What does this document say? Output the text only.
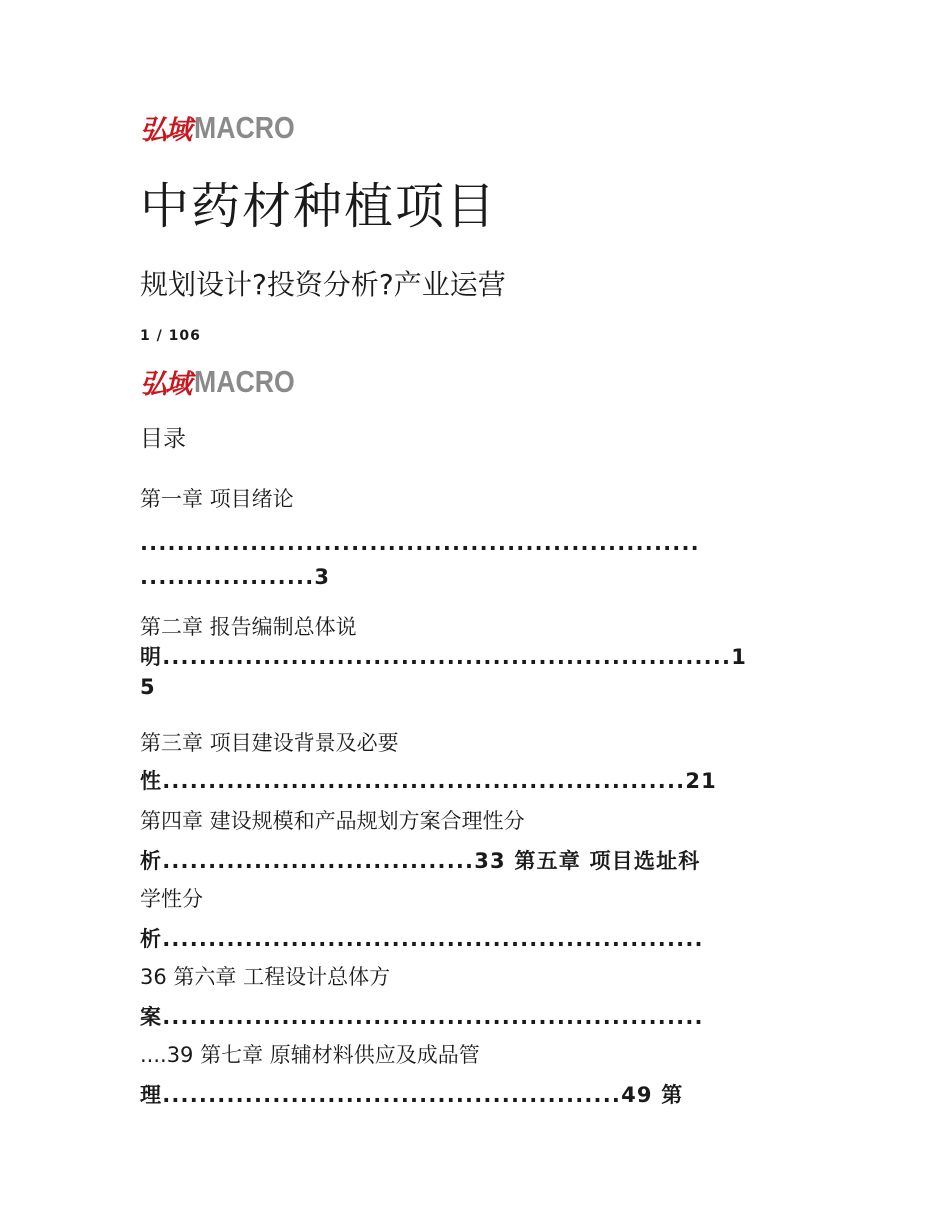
弘域 MACRO
中药材种植项目
规划设计?投资分析?产业运营
1 / 106
弘域 MACRO
目录
第一章 项目绪论
.............................................................
...................3
第二章 报告编制总体说
明..............................................................1
5
第三章 项目建设背景及必要
性.........................................................21
第四章 建设规模和产品规划方案合理性分
析..................................33 第五章 项目选址科
学性分
析...........................................................
36 第六章 工程设计总体方
案...........................................................
....39 第七章 原辅材料供应及成品管
理..................................................49 第
